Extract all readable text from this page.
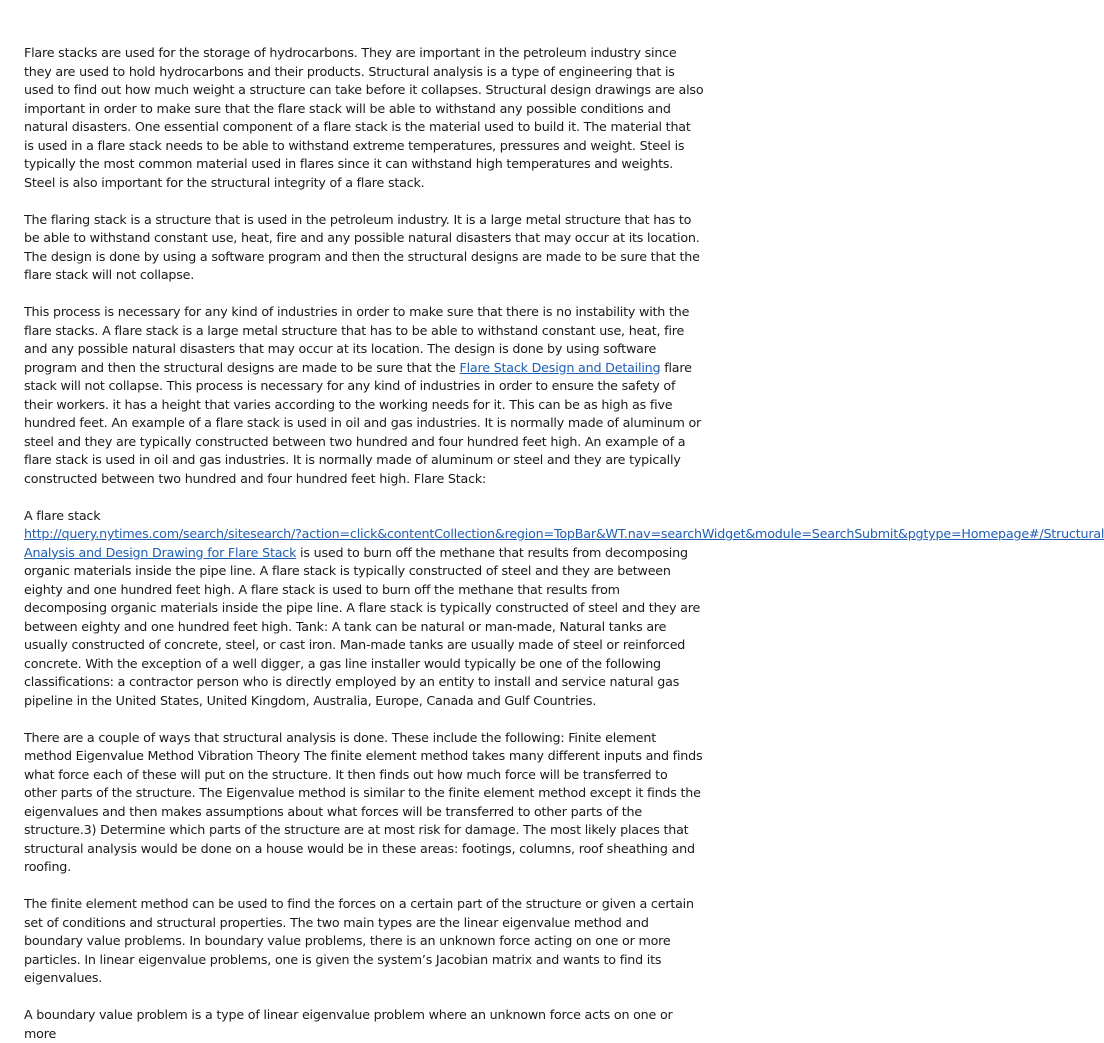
Flare stacks are used for the storage of hydrocarbons. They are important in the petroleum industry since they are used to hold hydrocarbons and their products. Structural analysis is a type of engineering that is used to find out how much weight a structure can take before it collapses. Structural design drawings are also important in order to make sure that the flare stack will be able to withstand any possible conditions and natural disasters. One essential component of a flare stack is the material used to build it. The material that is used in a flare stack needs to be able to withstand extreme temperatures, pressures and weight. Steel is typically the most common material used in flares since it can withstand high temperatures and weights. Steel is also important for the structural integrity of a flare stack.

The flaring stack is a structure that is used in the petroleum industry. It is a large metal structure that has to be able to withstand constant use, heat, fire and any possible natural disasters that may occur at its location. The design is done by using a software program and then the structural designs are made to be sure that the flare stack will not collapse.

This process is necessary for any kind of industries in order to make sure that there is no instability with the flare stacks. A flare stack is a large metal structure that has to be able to withstand constant use, heat, fire and any possible natural disasters that may occur at its location. The design is done by using software program and then the structural designs are made to be sure that the Flare Stack Design and Detailing flare stack will not collapse. This process is necessary for any kind of industries in order to ensure the safety of their workers. it has a height that varies according to the working needs for it. This can be as high as five hundred feet. An example of a flare stack is used in oil and gas industries. It is normally made of aluminum or steel and they are typically constructed between two hundred and four hundred feet high. An example of a flare stack is used in oil and gas industries. It is normally made of aluminum or steel and they are typically constructed between two hundred and four hundred feet high. Flare Stack:

A flare stack

http://query.nytimes.com/search/sitesearch/?action=click&contentCollection&region=TopBar&WT.nav=searchWidget&module=SearchSubmit&pgtype=Homepage#/Structural
Analysis and Design Drawing for Flare Stack is used to burn off the methane that results from decomposing organic materials inside the pipe line. A flare stack is typically constructed of steel and they are between eighty and one hundred feet high. A flare stack is used to burn off the methane that results from decomposing organic materials inside the pipe line. A flare stack is typically constructed of steel and they are between eighty and one hundred feet high. Tank: A tank can be natural or man-made, Natural tanks are usually constructed of concrete, steel, or cast iron. Man-made tanks are usually made of steel or reinforced concrete. With the exception of a well digger, a gas line installer would typically be one of the following classifications: a contractor person who is directly employed by an entity to install and service natural gas pipeline in the United States, United Kingdom, Australia, Europe, Canada and Gulf Countries.

There are a couple of ways that structural analysis is done. These include the following: Finite element method Eigenvalue Method Vibration Theory The finite element method takes many different inputs and finds what force each of these will put on the structure. It then finds out how much force will be transferred to other parts of the structure. The Eigenvalue method is similar to the finite element method except it finds the eigenvalues and then makes assumptions about what forces will be transferred to other parts of the structure.3) Determine which parts of the structure are at most risk for damage. The most likely places that structural analysis would be done on a house would be in these areas: footings, columns, roof sheathing and roofing.

The finite element method can be used to find the forces on a certain part of the structure or given a certain set of conditions and structural properties. The two main types are the linear eigenvalue method and boundary value problems. In boundary value problems, there is an unknown force acting on one or more particles. In linear eigenvalue problems, one is given the system’s Jacobian matrix and wants to find its eigenvalues.

A boundary value problem is a type of linear eigenvalue problem where an unknown force acts on one or more
